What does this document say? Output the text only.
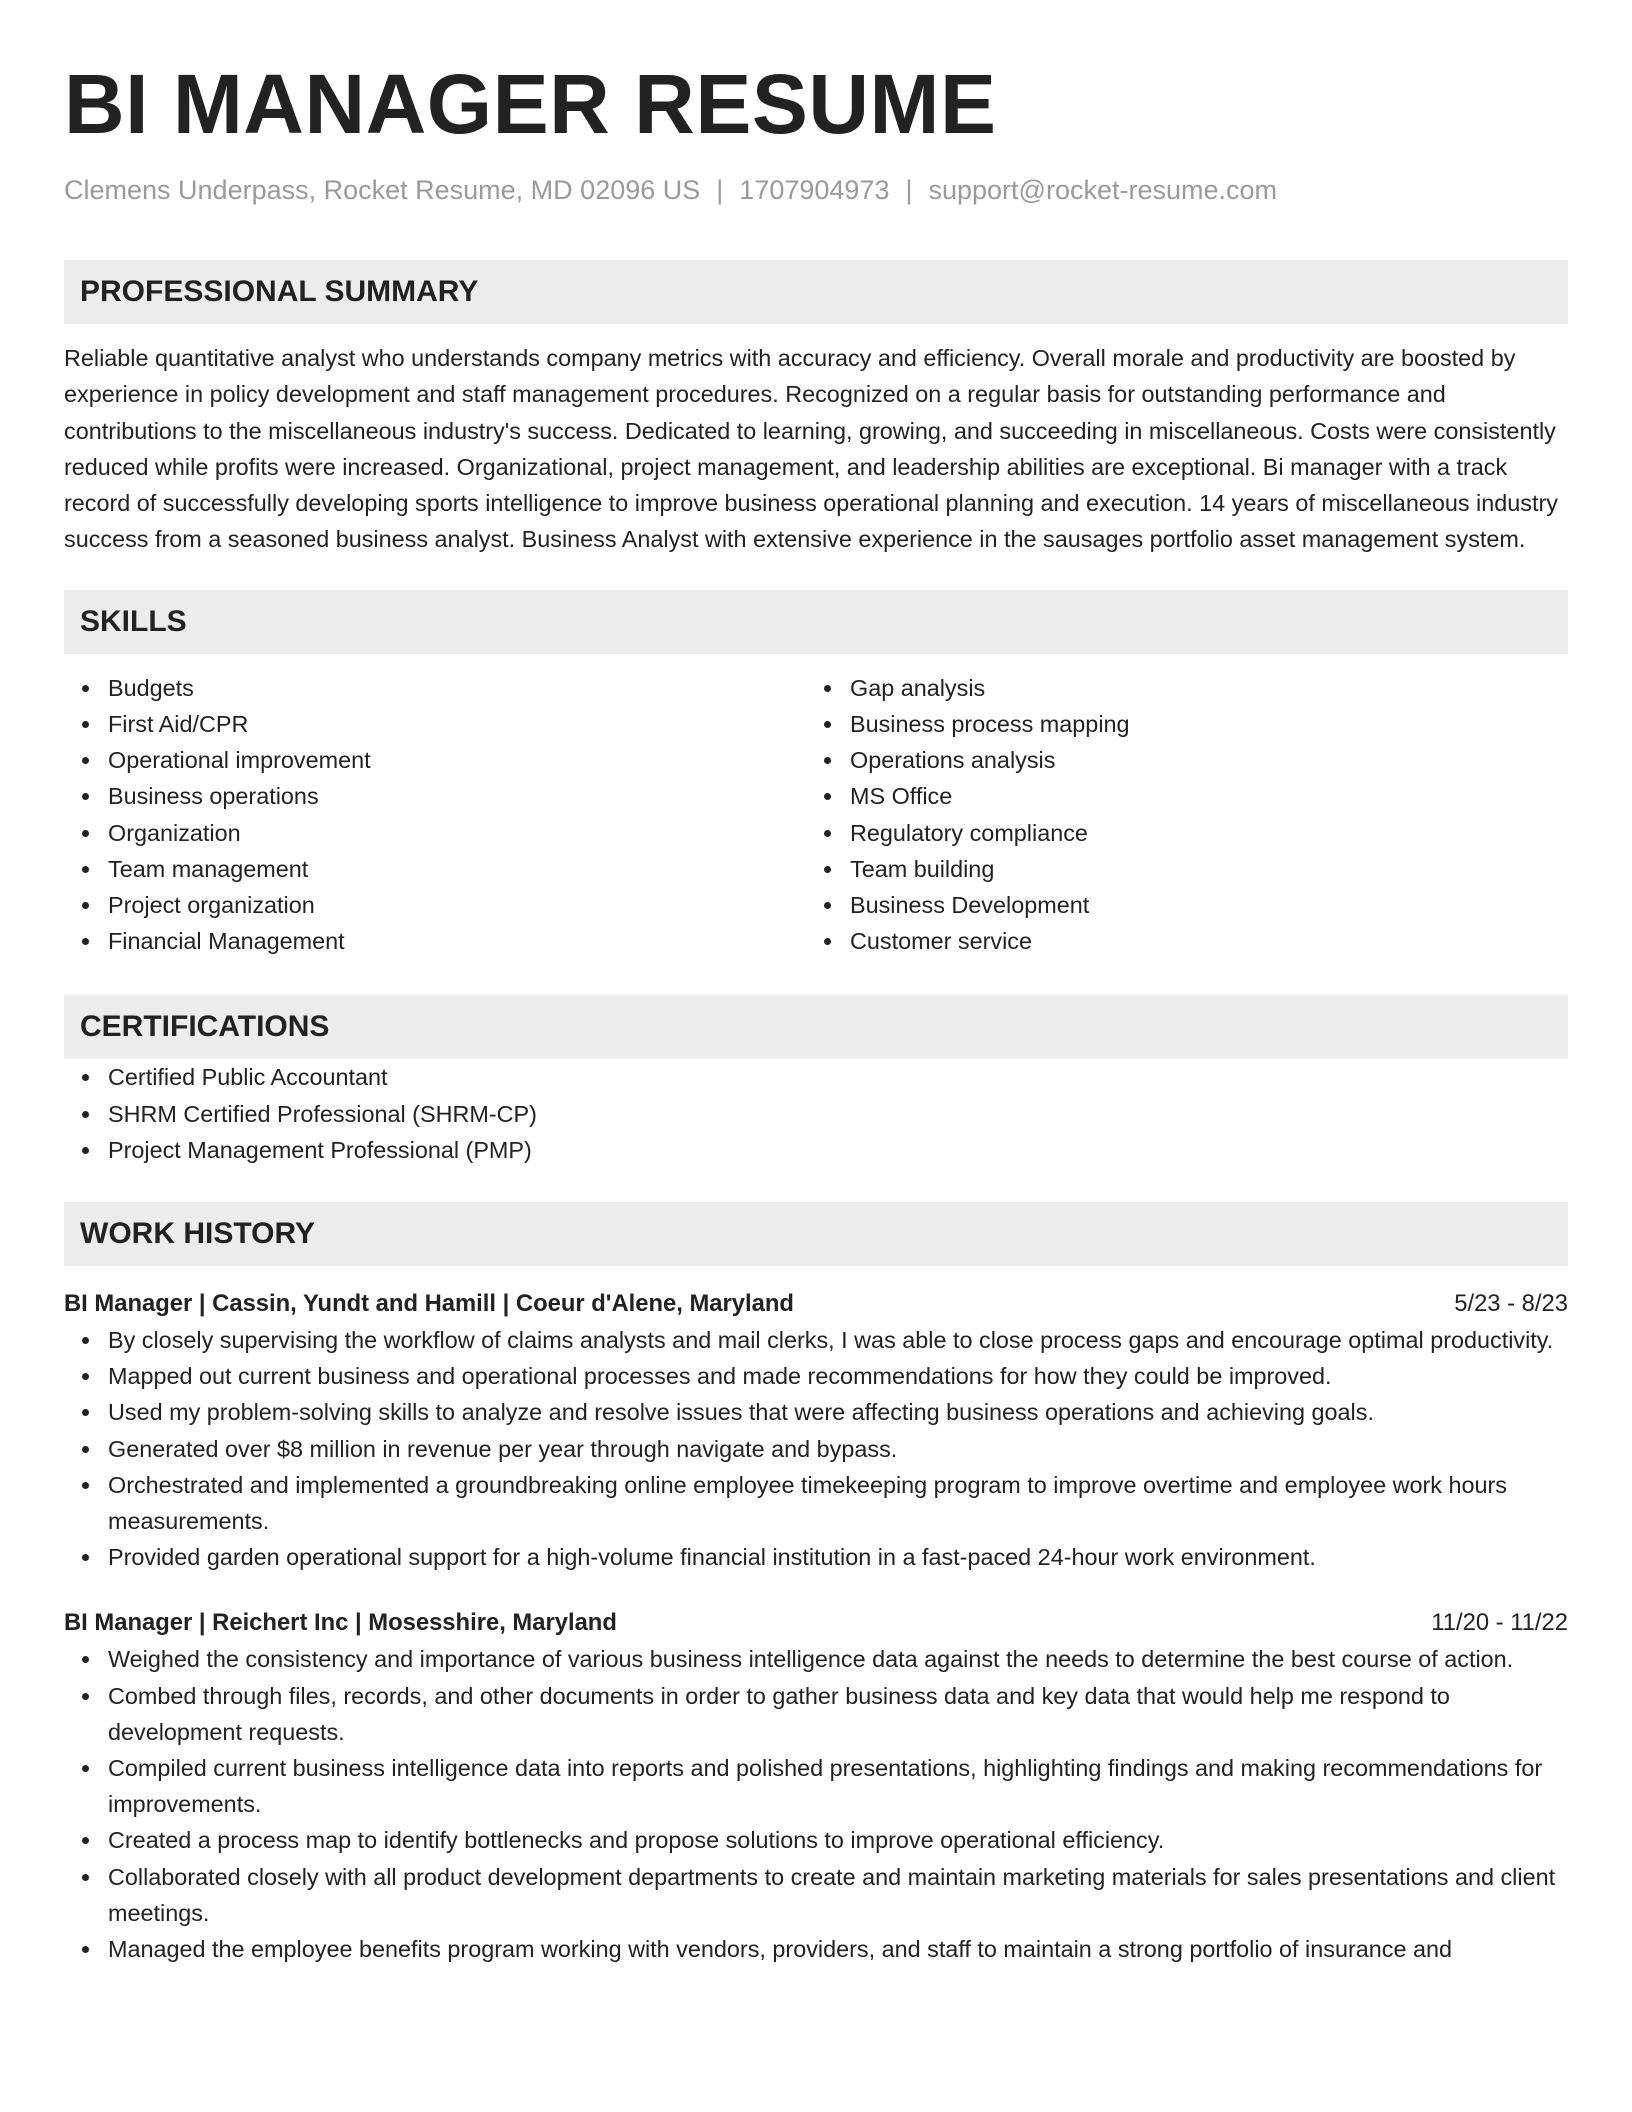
BI MANAGER RESUME
Clemens Underpass, Rocket Resume, MD 02096 US | 1707904973 | support@rocket-resume.com
PROFESSIONAL SUMMARY

Reliable quantitative analyst who understands company metrics with accuracy and efficiency. Overall morale and productivity are boosted by experience in policy development and staff management procedures. Recognized on a regular basis for outstanding performance and contributions to the miscellaneous industry's success. Dedicated to learning, growing, and succeeding in miscellaneous. Costs were consistently reduced while profits were increased. Organizational, project management, and leadership abilities are exceptional. Bi manager with a track record of successfully developing sports intelligence to improve business operational planning and execution. 14 years of miscellaneous industry success from a seasoned business analyst. Business Analyst with extensive experience in the sausages portfolio asset management system.

SKILLS
Budgets
First Aid/CPR
Operational improvement
Business operations
Organization
Team management
Project organization
Financial Management
Gap analysis
Business process mapping
Operations analysis
MS Office
Regulatory compliance
Team building
Business Development
Customer service
CERTIFICATIONS
Certified Public Accountant
SHRM Certified Professional (SHRM-CP)
Project Management Professional (PMP)
WORK HISTORY
BI Manager | Cassin, Yundt and Hamill | Coeur d'Alene, Maryland	5/23 - 8/23
By closely supervising the workflow of claims analysts and mail clerks, I was able to close process gaps and encourage optimal productivity.
Mapped out current business and operational processes and made recommendations for how they could be improved.
Used my problem-solving skills to analyze and resolve issues that were affecting business operations and achieving goals.
Generated over $8 million in revenue per year through navigate and bypass.
Orchestrated and implemented a groundbreaking online employee timekeeping program to improve overtime and employee work hours measurements.
Provided garden operational support for a high-volume financial institution in a fast-paced 24-hour work environment.
BI Manager | Reichert Inc | Mosesshire, Maryland	11/20 - 11/22
Weighed the consistency and importance of various business intelligence data against the needs to determine the best course of action.
Combed through files, records, and other documents in order to gather business data and key data that would help me respond to development requests.
Compiled current business intelligence data into reports and polished presentations, highlighting findings and making recommendations for improvements.
Created a process map to identify bottlenecks and propose solutions to improve operational efficiency.
Collaborated closely with all product development departments to create and maintain marketing materials for sales presentations and client meetings.
Managed the employee benefits program working with vendors, providers, and staff to maintain a strong portfolio of insurance and
